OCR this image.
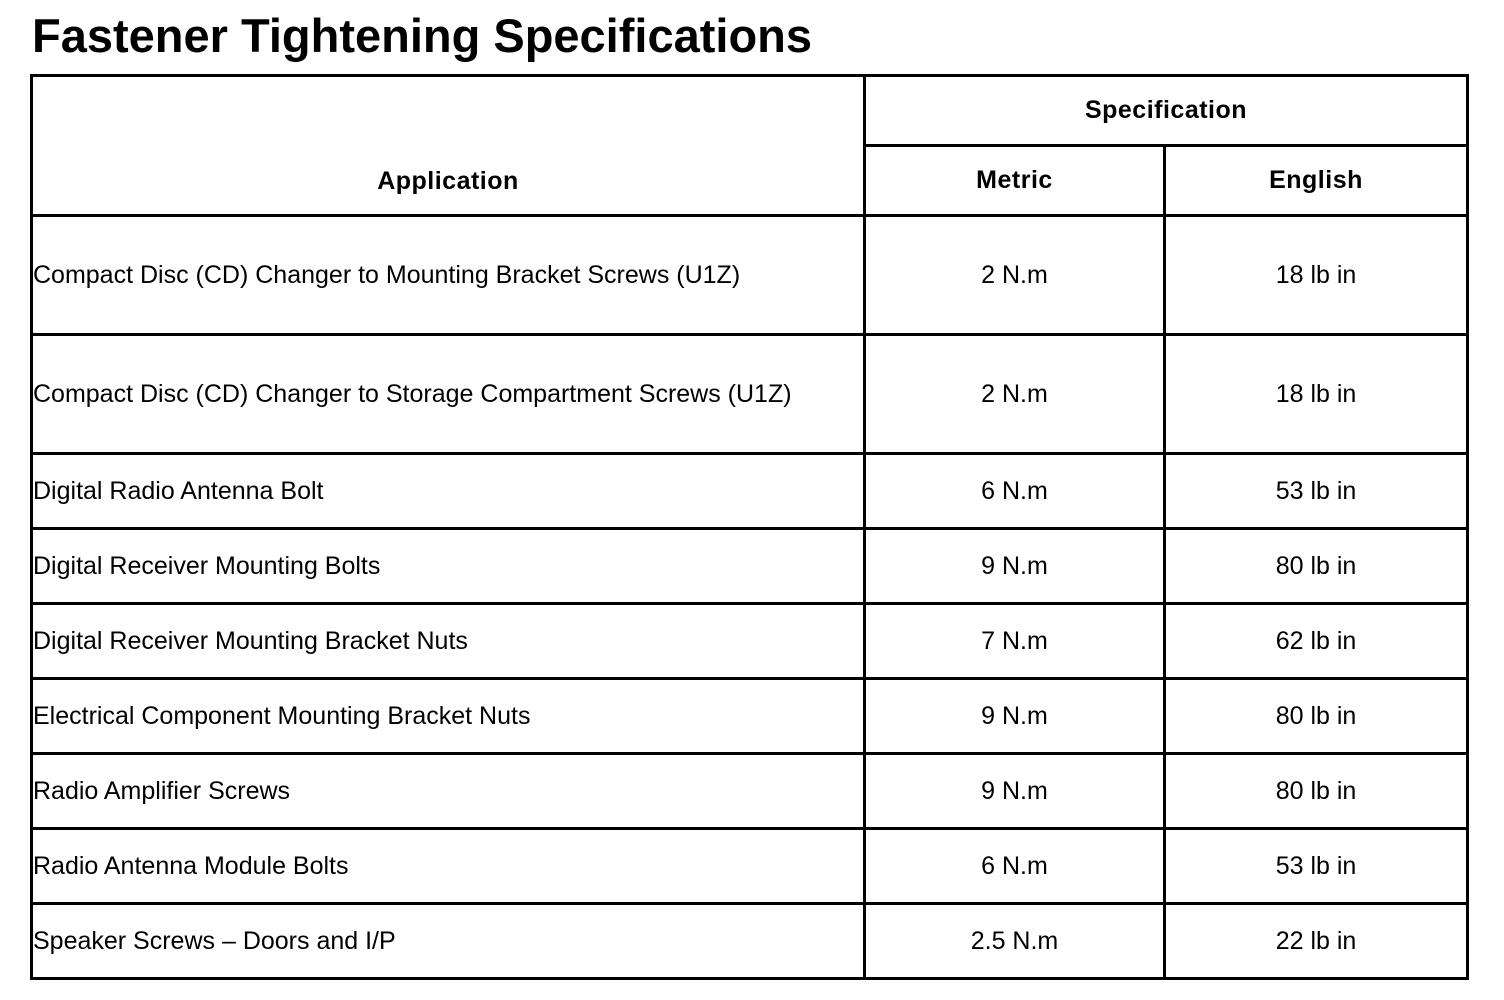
Fastener Tightening Specifications
Application	Specification	
	Metric	English
Compact Disc (CD) Changer to Mounting Bracket Screws (U1Z)	2 N.m	18 lb in
Compact Disc (CD) Changer to Storage Compartment Screws (U1Z)	2 N.m	18 lb in
Digital Radio Antenna Bolt	6 N.m	53 lb in
Digital Receiver Mounting Bolts	9 N.m	80 lb in
Digital Receiver Mounting Bracket Nuts	7 N.m	62 lb in
Electrical Component Mounting Bracket Nuts	9 N.m	80 lb in
Radio Amplifier Screws	9 N.m	80 lb in
Radio Antenna Module Bolts	6 N.m	53 lb in
Speaker Screws – Doors and I/P	2.5 N.m	22 lb in
